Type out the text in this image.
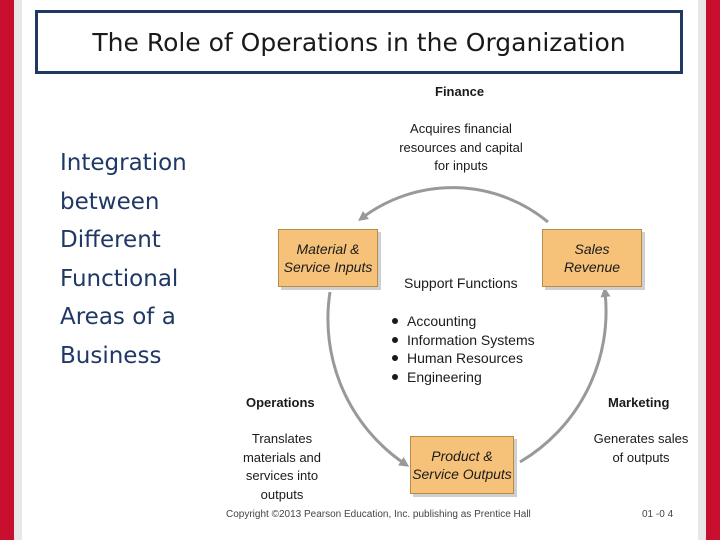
The Role of Operations in the Organization
Integration
between
Different
Functional
Areas of a
Business
Finance
Acquires financial
resources and capital
for inputs
Material &
Service Inputs
Sales
Revenue
Support Functions
Accounting
Information Systems
Human Resources
Engineering
Operations
Translates
materials and
services into
outputs
Marketing
Generates sales
of outputs
Product &
Service Outputs
Copyright ©2013 Pearson Education, Inc. publishing as Prentice Hall	01 -0 4
